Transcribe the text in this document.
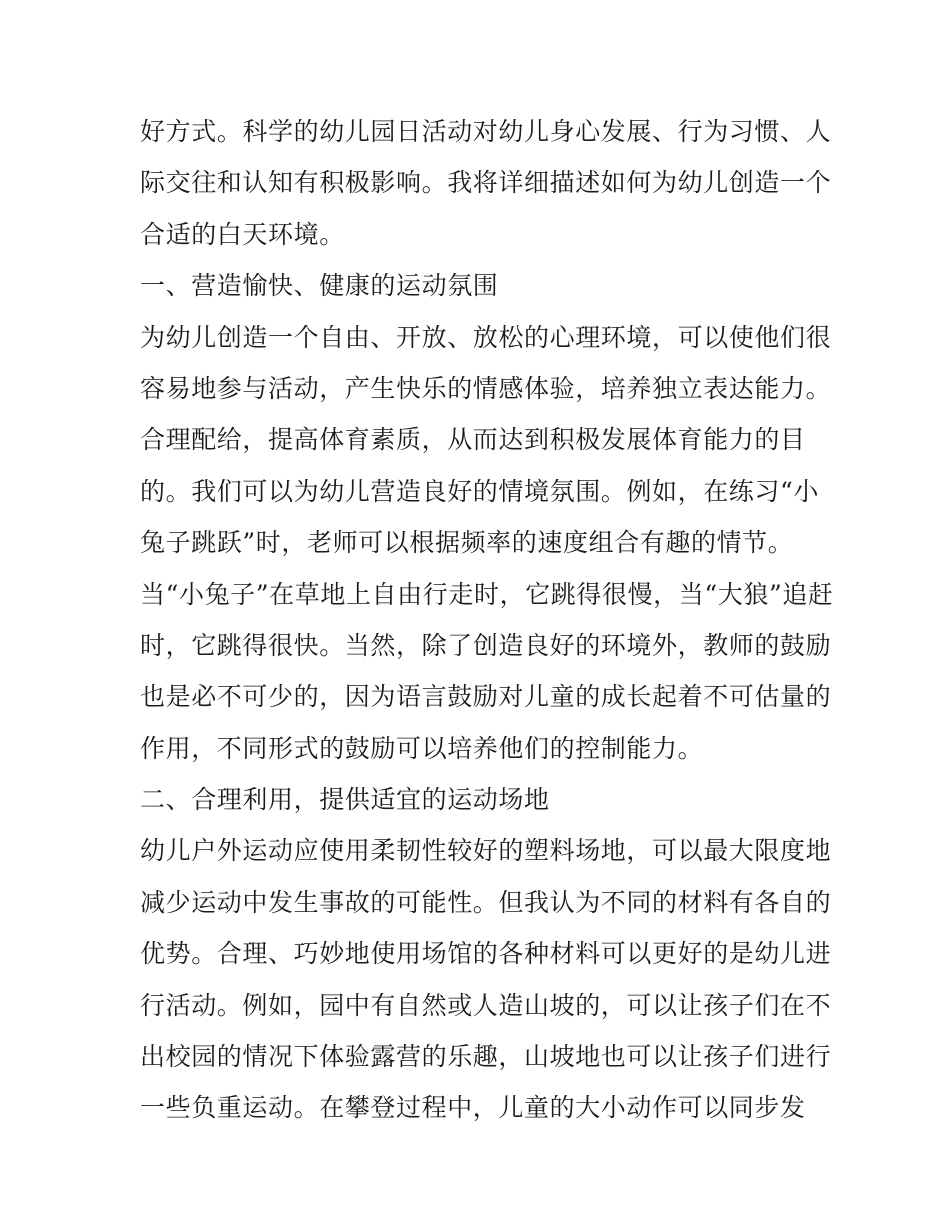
好方式。科学的幼儿园日活动对幼儿身心发展、行为习惯、人
际交往和认知有积极影响。我将详细描述如何为幼儿创造一个
合适的白天环境。
一、营造愉快、健康的运动氛围
为幼儿创造一个自由、开放、放松的心理环境，可以使他们很
容易地参与活动，产生快乐的情感体验，培养独立表达能力。
合理配给，提高体育素质，从而达到积极发展体育能力的目
的。我们可以为幼儿营造良好的情境氛围。例如，在练习“小
兔子跳跃”时，老师可以根据频率的速度组合有趣的情节。
当“小兔子”在草地上自由行走时，它跳得很慢，当“大狼”追赶
时，它跳得很快。当然，除了创造良好的环境外，教师的鼓励
也是必不可少的，因为语言鼓励对儿童的成长起着不可估量的
作用，不同形式的鼓励可以培养他们的控制能力。
二、合理利用，提供适宜的运动场地
幼儿户外运动应使用柔韧性较好的塑料场地，可以最大限度地
减少运动中发生事故的可能性。但我认为不同的材料有各自的
优势。合理、巧妙地使用场馆的各种材料可以更好的是幼儿进
行活动。例如，园中有自然或人造山坡的，可以让孩子们在不
出校园的情况下体验露营的乐趣，山坡地也可以让孩子们进行
一些负重运动。在攀登过程中，儿童的大小动作可以同步发
